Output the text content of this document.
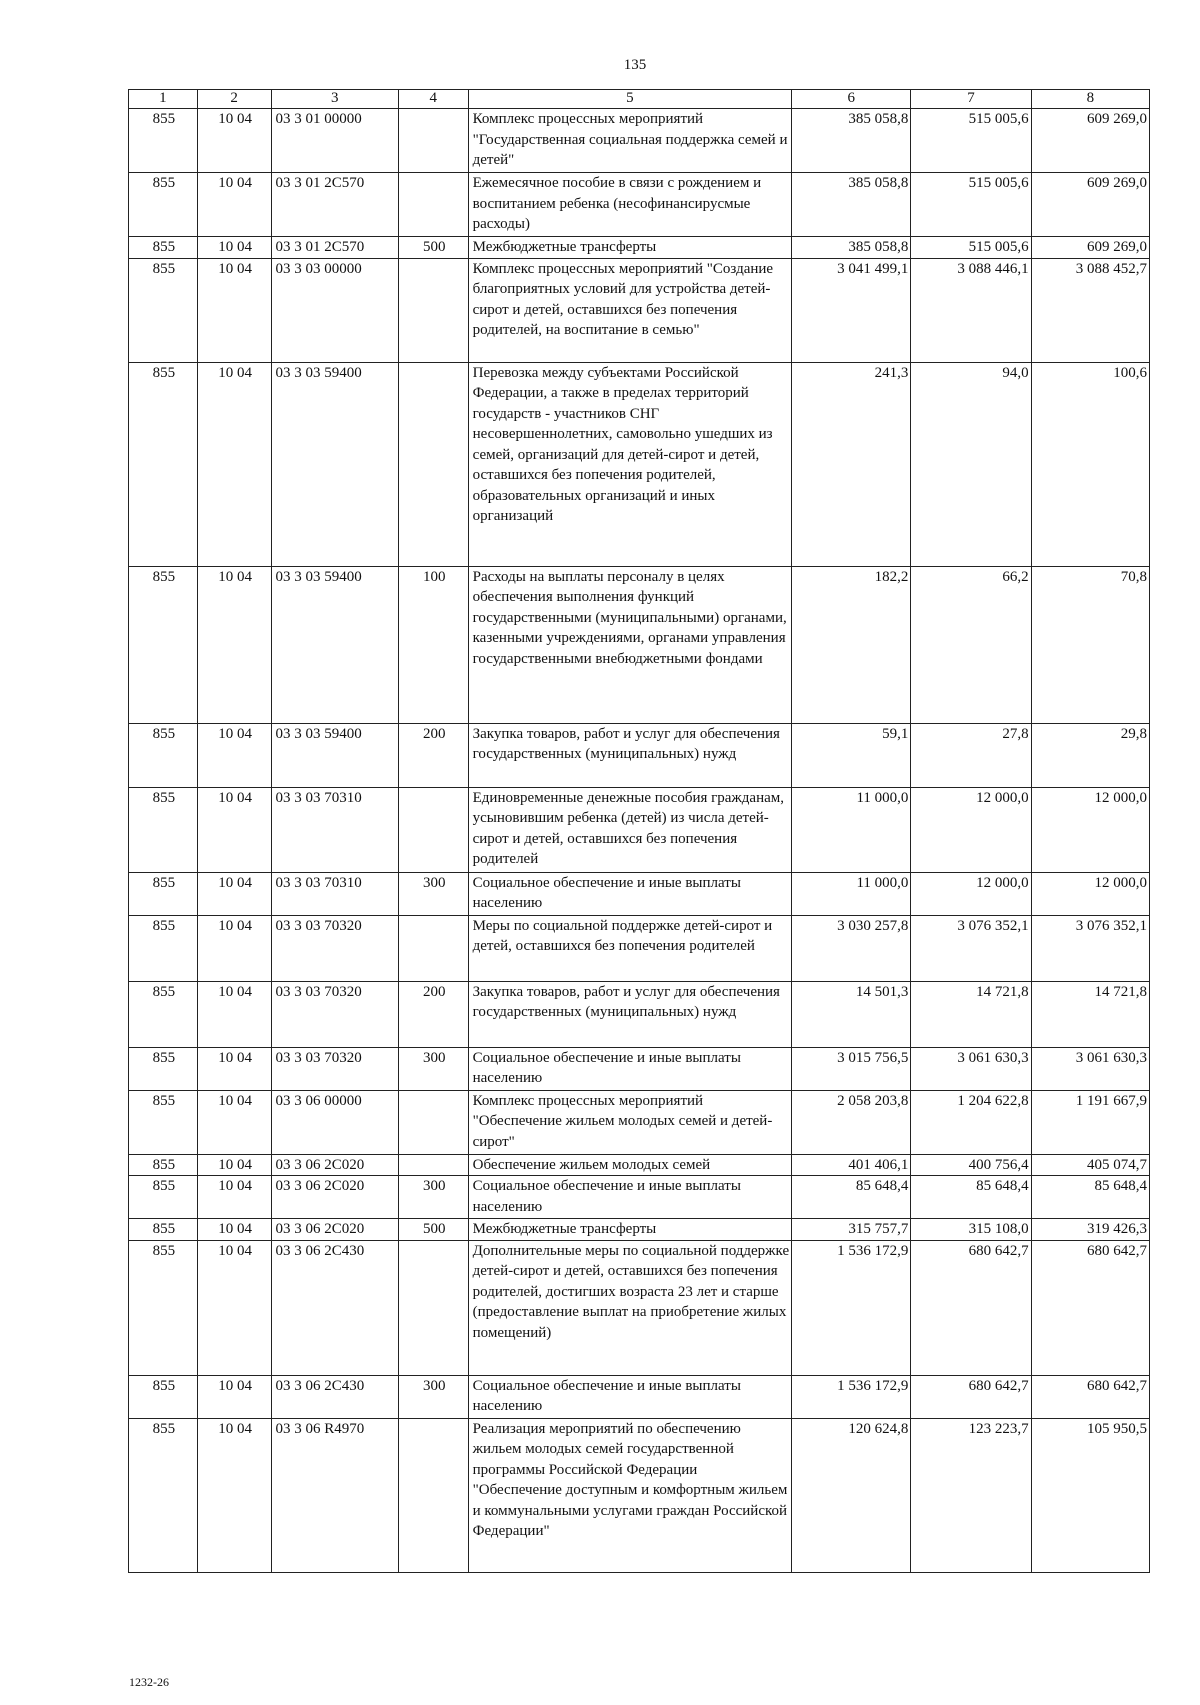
135
1	2	3	4	5	6	7	8
855	10 04	03 3 01 00000		Комплекс процессных мероприятий "Государственная социальная поддержка семей и детей"	385 058,8	515 005,6	609 269,0
855	10 04	03 3 01 2С570		Ежемесячное пособие в связи с рождением и воспитанием ребенка (несофинансирусмые расходы)	385 058,8	515 005,6	609 269,0
855	10 04	03 3 01 2С570	500	Межбюджетные трансферты	385 058,8	515 005,6	609 269,0
855	10 04	03 3 03 00000		Комплекс процессных мероприятий "Создание благоприятных условий для устройства детей-сирот и детей, оставшихся без попечения родителей, на воспитание в семью"	3 041 499,1	3 088 446,1	3 088 452,7
855	10 04	03 3 03 59400		Перевозка между субъектами Российской Федерации, а также в пределах территорий государств - участников СНГ несовершеннолетних, самовольно ушедших из семей, организаций для детей-сирот и детей, оставшихся без попечения родителей, образовательных организаций и иных организаций	241,3	94,0	100,6
855	10 04	03 3 03 59400	100	Расходы на выплаты персоналу в целях обеспечения выполнения функций государственными (муниципальными) органами, казенными учреждениями, органами управления государственными внебюджетными фондами	182,2	66,2	70,8
855	10 04	03 3 03 59400	200	Закупка товаров, работ и услуг для обеспечения государственных (муниципальных) нужд	59,1	27,8	29,8
855	10 04	03 3 03 70310		Единовременные денежные пособия гражданам, усыновившим ребенка (детей) из числа детей-сирот и детей, оставшихся без попечения родителей	11 000,0	12 000,0	12 000,0
855	10 04	03 3 03 70310	300	Социальное обеспечение и иные выплаты населению	11 000,0	12 000,0	12 000,0
855	10 04	03 3 03 70320		Меры по социальной поддержке детей-сирот и детей, оставшихся без попечения родителей	3 030 257,8	3 076 352,1	3 076 352,1
855	10 04	03 3 03 70320	200	Закупка товаров, работ и услуг для обеспечения государственных (муниципальных) нужд	14 501,3	14 721,8	14 721,8
855	10 04	03 3 03 70320	300	Социальное обеспечение и иные выплаты населению	3 015 756,5	3 061 630,3	3 061 630,3
855	10 04	03 3 06 00000		Комплекс процессных мероприятий "Обеспечение жильем молодых семей и детей-сирот"	2 058 203,8	1 204 622,8	1 191 667,9
855	10 04	03 3 06 2С020		Обеспечение жильем молодых семей	401 406,1	400 756,4	405 074,7
855	10 04	03 3 06 2С020	300	Социальное обеспечение и иные выплаты населению	85 648,4	85 648,4	85 648,4
855	10 04	03 3 06 2С020	500	Межбюджетные трансферты	315 757,7	315 108,0	319 426,3
855	10 04	03 3 06 2С430		Дополнительные меры по социальной поддержке детей-сирот и детей, оставшихся без попечения родителей, достигших возраста 23 лет и старше (предоставление выплат на приобретение жилых помещений)	1 536 172,9	680 642,7	680 642,7
855	10 04	03 3 06 2С430	300	Социальное обеспечение и иные выплаты населению	1 536 172,9	680 642,7	680 642,7
855	10 04	03 3 06 R4970		Реализация мероприятий по обеспечению жильем молодых семей государственной программы Российской Федерации "Обеспечение доступным и комфортным жильем и коммунальными услугами граждан Российской Федерации"	120 624,8	123 223,7	105 950,5
1232-26
